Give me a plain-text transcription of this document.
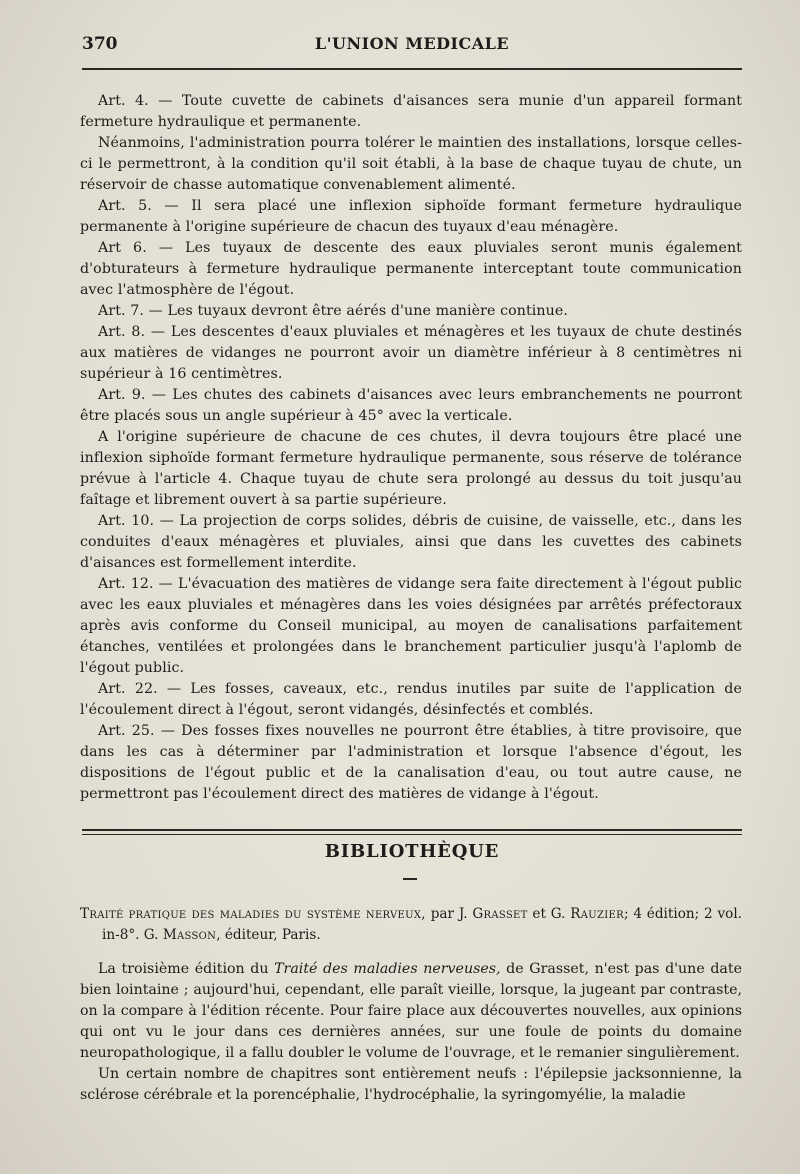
370	L'UNION MEDICALE

Art. 4. — Toute cuvette de cabinets d'aisances sera munie d'un appareil formant fermeture hydraulique et permanente.

Néanmoins, l'administration pourra tolérer le maintien des installations, lorsque celles-ci le permettront, à la condition qu'il soit établi, à la base de chaque tuyau de chute, un réservoir de chasse automatique convenablement alimenté.

Art. 5. — Il sera placé une inflexion siphoïde formant fermeture hydraulique permanente à l'origine supérieure de chacun des tuyaux d'eau ménagère.

Art 6. — Les tuyaux de descente des eaux pluviales seront munis également d'obturateurs à fermeture hydraulique permanente interceptant toute communication avec l'atmosphère de l'égout.

Art. 7. — Les tuyaux devront être aérés d'une manière continue.

Art. 8. — Les descentes d'eaux pluviales et ménagères et les tuyaux de chute destinés aux matières de vidanges ne pourront avoir un diamètre inférieur à 8 centimètres ni supérieur à 16 centimètres.

Art. 9. — Les chutes des cabinets d'aisances avec leurs embranchements ne pourront être placés sous un angle supérieur à 45° avec la verticale.

A l'origine supérieure de chacune de ces chutes, il devra toujours être placé une inflexion siphoïde formant fermeture hydraulique permanente, sous réserve de tolérance prévue à l'article 4. Chaque tuyau de chute sera prolongé au dessus du toit jusqu'au faîtage et librement ouvert à sa partie supérieure.

Art. 10. — La projection de corps solides, débris de cuisine, de vaisselle, etc., dans les conduites d'eaux ménagères et pluviales, ainsi que dans les cuvettes des cabinets d'aisances est formellement interdite.

Art. 12. — L'évacuation des matières de vidange sera faite directement à l'égout public avec les eaux pluviales et ménagères dans les voies désignées par arrêtés préfectoraux après avis conforme du Conseil municipal, au moyen de canalisations parfaitement étanches, ventilées et prolongées dans le branchement particulier jusqu'à l'aplomb de l'égout public.

Art. 22. — Les fosses, caveaux, etc., rendus inutiles par suite de l'application de l'écoulement direct à l'égout, seront vidangés, désinfectés et comblés.

Art. 25. — Des fosses fixes nouvelles ne pourront être établies, à titre provisoire, que dans les cas à déterminer par l'administration et lorsque l'absence d'égout, les dispositions de l'égout public et de la canalisation d'eau, ou tout autre cause, ne permettront pas l'écoulement direct des matières de vidange à l'égout.

BIBLIOTHÈQUE

Traité pratique des maladies du système nerveux, par J. Grasset et G. Rauzier; 4 édition; 2 vol. in-8°. G. Masson, éditeur, Paris.

La troisième édition du Traité des maladies nerveuses, de Grasset, n'est pas d'une date bien lointaine ; aujourd'hui, cependant, elle paraît vieille, lorsque, la jugeant par contraste, on la compare à l'édition récente. Pour faire place aux découvertes nouvelles, aux opinions qui ont vu le jour dans ces dernières années, sur une foule de points du domaine neuropathologique, il a fallu doubler le volume de l'ouvrage, et le remanier singulièrement.

Un certain nombre de chapitres sont entièrement neufs : l'épilepsie jacksonnienne, la sclérose cérébrale et la porencéphalie, l'hydrocéphalie, la syringomyélie, la maladie
